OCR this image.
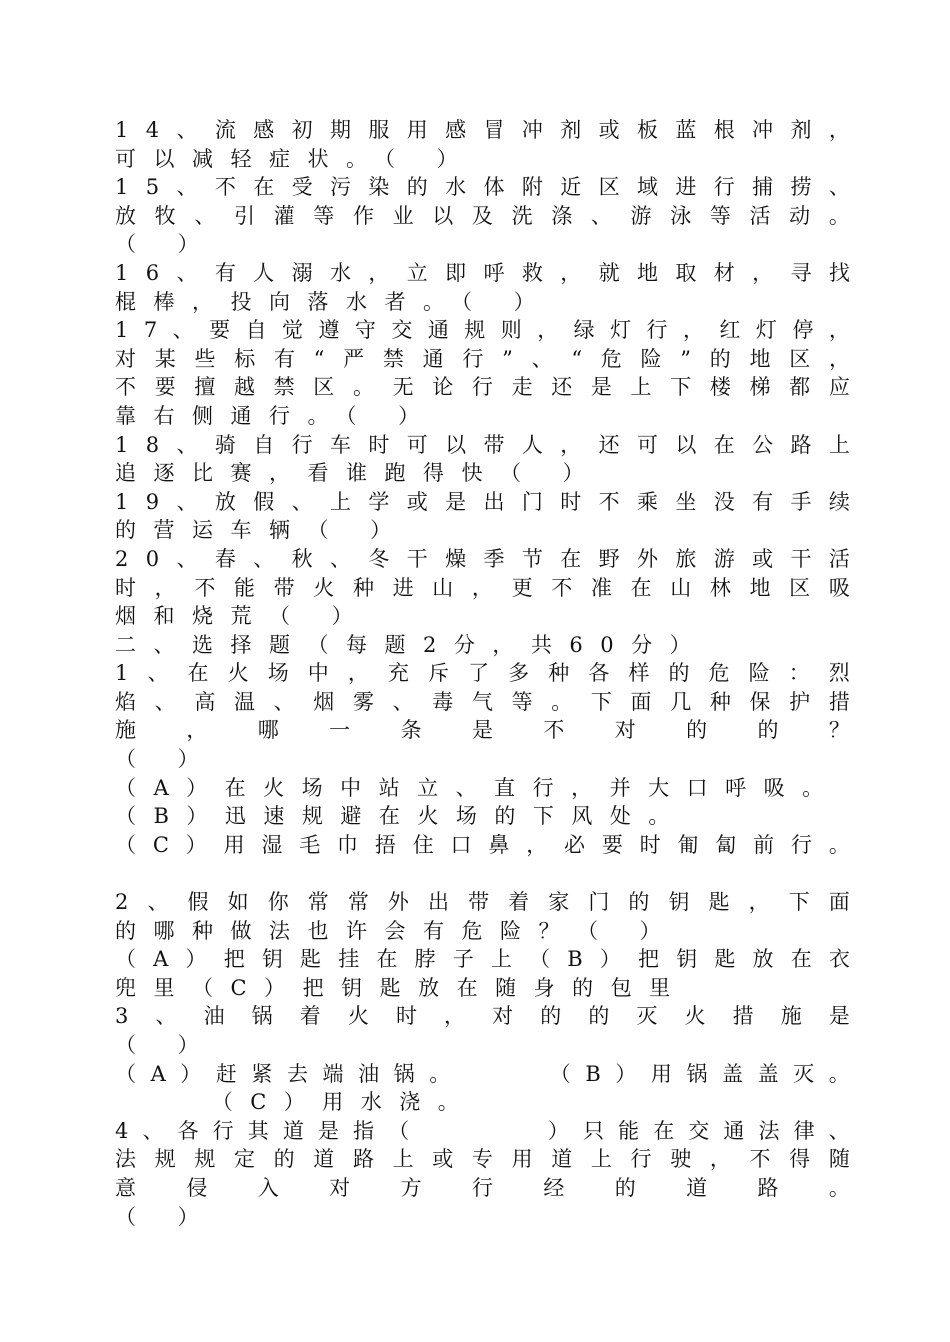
1 4 、 流 感 初 期 服 用 感 冒 冲 剂 或 板 蓝 根 冲 剂 ，
可以减轻症状。（ ）
1 5 、 不 在 受 污 染 的 水 体 附 近 区 域 进 行 捕 捞 、
放 牧 、 引 灌 等 作 业 以 及 洗 涤 、 游 泳 等 活 动 。
（ ）
1 6 、 有 人 溺 水 ， 立 即 呼 救 ， 就 地 取 材 ， 寻 找
棍棒，投向落水者。（ ）
1 7 、 要 自 觉 遵 守 交 通 规 则 ， 绿 灯 行 ， 红 灯 停 ，
对 某 些 标 有 “ 严 禁 通 行 ” 、 “ 危 险 ” 的 地 区 ，
不 要 擅 越 禁 区 。 无 论 行 走 还 是 上 下 楼 梯 都 应
靠右侧通行。（ ）
1 8 、 骑 自 行 车 时 可 以 带 人 ， 还 可 以 在 公 路 上
追逐比赛，看谁跑得快（ ）
1 9 、 放 假 、 上 学 或 是 出 门 时 不 乘 坐 没 有 手 续
的营运车辆（ ）
2 0 、 春 、 秋 、 冬 干 燥 季 节 在 野 外 旅 游 或 干 活
时 ， 不 能 带 火 种 进 山 ， 更 不 准 在 山 林 地 区 吸
烟和烧荒（ ）
二、选择题（每题2分，共60分）
1 、 在 火 场 中 ， 充 斥 了 多 种 各 样 的 危 险 ： 烈
焰 、 高 温 、 烟 雾 、 毒 气 等 。 下 面 几 种 保 护 措
施 ， 哪 一 条 是 不 对 的 的 ？
（ ）
（A）在火场中站立、直行，并大口呼吸。
（B）迅速规避在火场的下风处。
（ C ） 用 湿 毛 巾 捂 住 口 鼻 ， 必 要 时 匍 匐 前 行 。
2 、 假 如 你 常 常 外 出 带 着 家 门 的 钥 匙 ， 下 面
的哪种做法也许会有危险？（ ）
（ A ） 把 钥 匙 挂 在 脖 子 上 （ B ） 把 钥 匙 放 在 衣
兜里（C）把钥匙放在随身的包里
3 、 油 锅 着 火 时 ， 对 的 的 灭 火 措 施 是
（ ）
（ A ） 赶 紧 去 端 油 锅 。

	（ B ） 用 锅 盖 盖 灭 。
（C）用水浇。
4 、 各 行 其 道 是 指 （

	） 只 能 在 交 通 法 律 、
法 规 规 定 的 道 路 上 或 专 用 道 上 行 驶 ， 不 得 随
意 侵 入 对 方 行 经 的 道 路 。
（ ）
